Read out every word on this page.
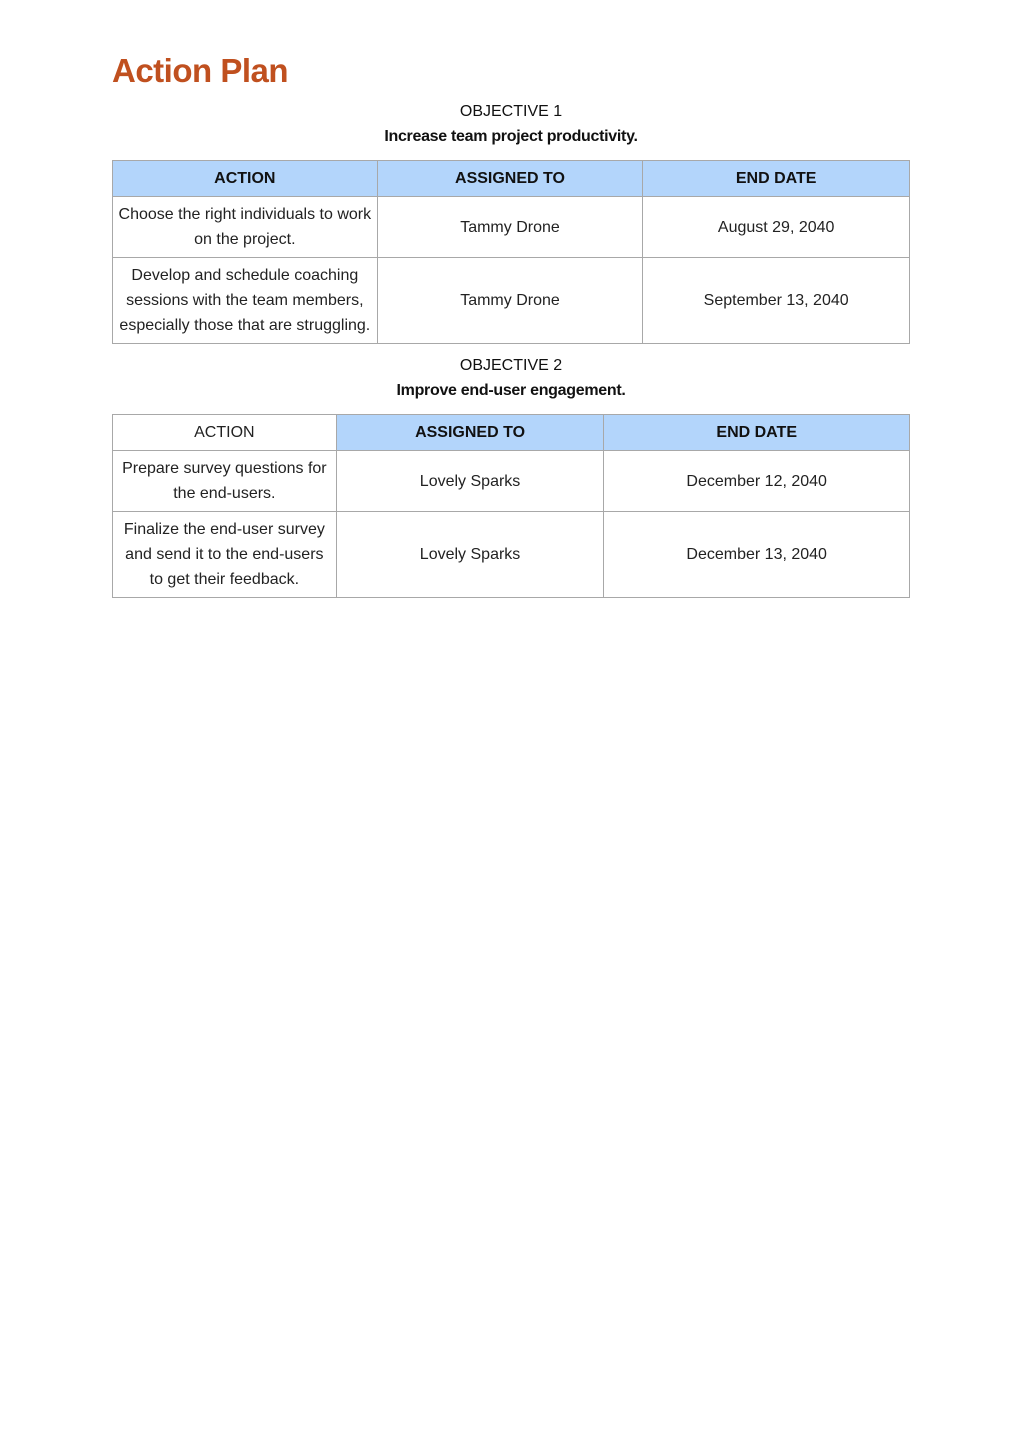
Action Plan
OBJECTIVE 1
Increase team project productivity.
ACTION	ASSIGNED TO	END DATE
Choose the right individuals to work on the project.	Tammy Drone	August 29, 2040
Develop and schedule coaching sessions with the team members, especially those that are struggling.	Tammy Drone	September 13, 2040
OBJECTIVE 2
Improve end-user engagement.
ACTION	ASSIGNED TO	END DATE
Prepare survey questions for the end-users.	Lovely Sparks	December 12, 2040
Finalize the end-user survey and send it to the end-users to get their feedback.	Lovely Sparks	December 13, 2040
